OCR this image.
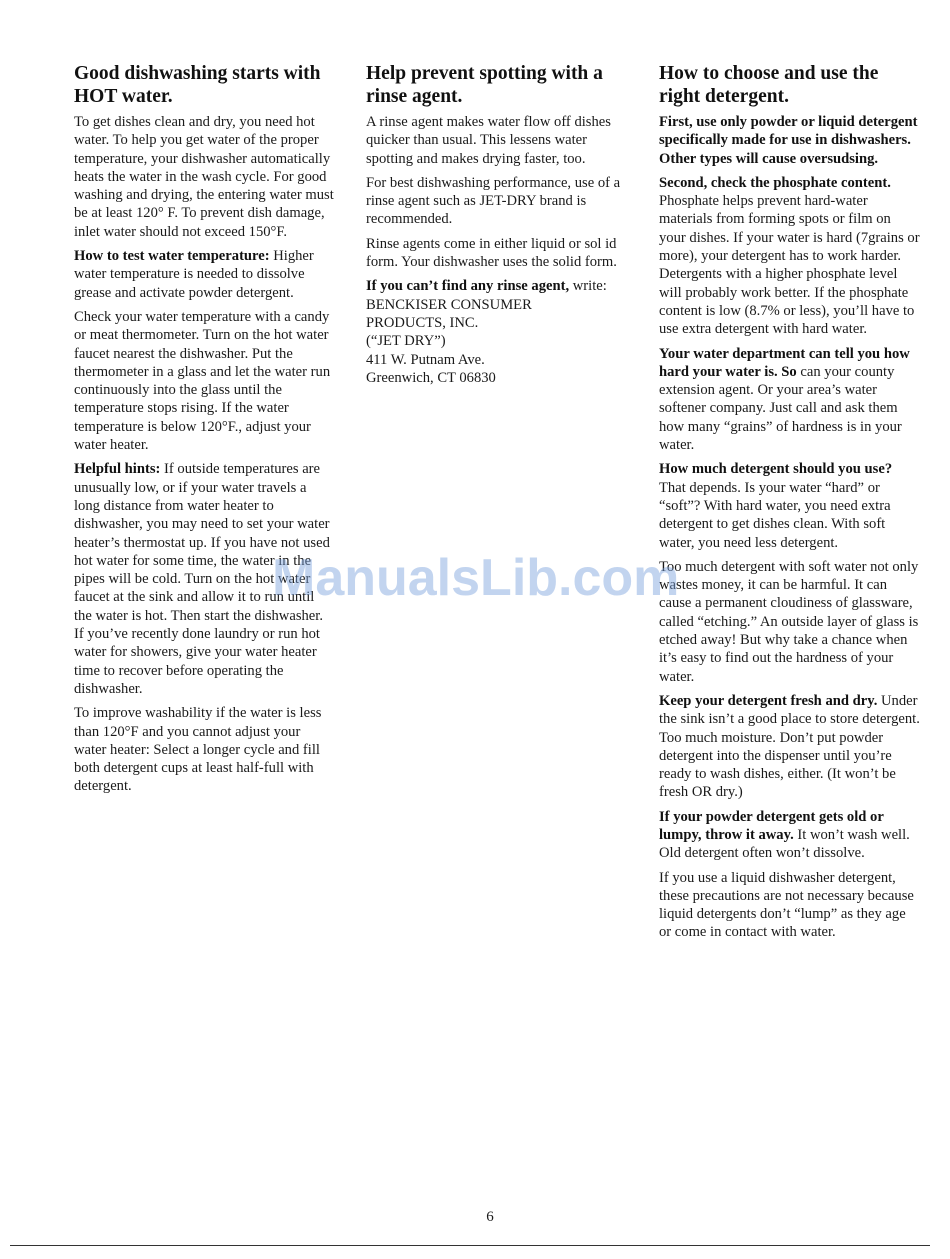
Good dishwashing starts with HOT water.

To get dishes clean and dry, you need hot water. To help you get water of the proper temperature, your dishwasher automatically heats the water in the wash cycle. For good washing and drying, the entering water must be at least 120° F. To prevent dish damage, inlet water should not exceed 150°F.

How to test water temperature: Higher water temperature is needed to dissolve grease and activate powder detergent.

Check your water temperature with a candy or meat thermometer. Turn on the hot water faucet nearest the dishwasher. Put the thermometer in a glass and let the water run continuously into the glass until the temperature stops rising. If the water temperature is below 120°F., adjust your water heater.

Helpful hints: If outside temperatures are unusually low, or if your water travels a long distance from water heater to dishwasher, you may need to set your water heater’s thermostat up. If you have not used hot water for some time, the water in the pipes will be cold. Turn on the hot water faucet at the sink and allow it to run until the water is hot. Then start the dishwasher. If you’ve recently done laundry or run hot water for showers, give your water heater time to recover before operating the dishwasher.

To improve washability if the water is less than 120°F and you cannot adjust your water heater: Select a longer cycle and fill both detergent cups at least half-full with detergent.

Help prevent spotting with a rinse agent.

A rinse agent makes water flow off dishes quicker than usual. This lessens water spotting and makes drying faster, too.

For best dishwashing performance, use of a rinse agent such as JET-DRY brand is recommended.

Rinse agents come in either liquid or sol id form. Your dishwasher uses the solid form.

If you can’t find any rinse agent, write:

BENCKISER CONSUMER
PRODUCTS, INC.
(“JET DRY”)
411 W. Putnam Ave.
Greenwich, CT 06830

How to choose and use the right detergent.

First, use only powder or liquid detergent specifically made for use in dishwashers. Other types will cause oversudsing.

Second, check the phosphate content. Phosphate helps prevent hard-water materials from forming spots or film on your dishes. If your water is hard (7grains or more), your detergent has to work harder. Detergents with a higher phosphate level will probably work better. If the phosphate content is low (8.7% or less), you’ll have to use extra detergent with hard water.

Your water department can tell you how hard your water is. So can your county extension agent. Or your area’s water softener company. Just call and ask them how many “grains” of hardness is in your water.

How much detergent should you use? That depends. Is your water “hard” or “soft”? With hard water, you need extra detergent to get dishes clean. With soft water, you need less detergent.

Too much detergent with soft water not only wastes money, it can be harmful. It can cause a permanent cloudiness of glassware, called “etching.” An outside layer of glass is etched away! But why take a chance when it’s easy to find out the hardness of your water.

Keep your detergent fresh and dry. Under the sink isn’t a good place to store detergent. Too much moisture. Don’t put powder detergent into the dispenser until you’re ready to wash dishes, either. (It won’t be fresh OR dry.)

If your powder detergent gets old or lumpy, throw it away. It won’t wash well. Old detergent often won’t dissolve.

If you use a liquid dishwasher detergent, these precautions are not necessary because liquid detergents don’t “lump” as they age or come in contact with water.

ManualsLib.com
6
